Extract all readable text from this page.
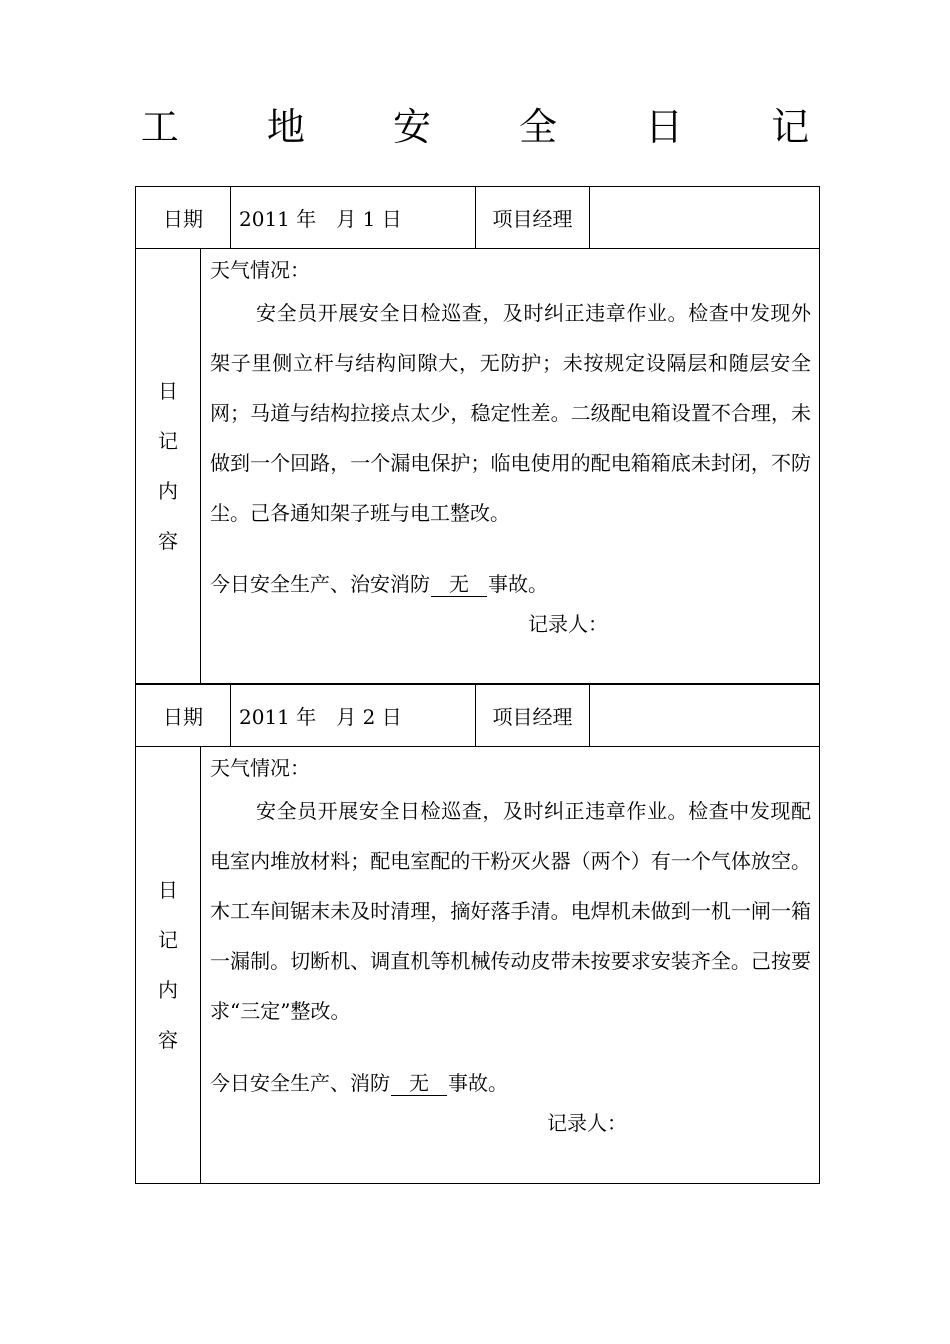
工 地 安 全 日 记
日期	2011 年　月 1 日	项目经理
日
记
内
容
天气情况：
安全员开展安全日检巡查，及时纠正违章作业。检查中发现外架子里侧立杆与结构间隙大，无防护；未按规定设隔层和随层安全网；马道与结构拉接点太少，稳定性差。二级配电箱设置不合理，未做到一个回路，一个漏电保护；临电使用的配电箱箱底未封闭，不防尘。己各通知架子班与电工整改。
今日安全生产、治安消防 无 事故。
记录人：
日期	2011 年　月 2 日	项目经理
日
记
内
容
天气情况：
安全员开展安全日检巡查，及时纠正违章作业。检查中发现配电室内堆放材料；配电室配的干粉灭火器（两个）有一个气体放空。木工车间锯末未及时清理，摘好落手清。电焊机未做到一机一闸一箱一漏制。切断机、调直机等机械传动皮带未按要求安装齐全。己按要求“三定”整改。
今日安全生产、消防 无 事故。
记录人：
